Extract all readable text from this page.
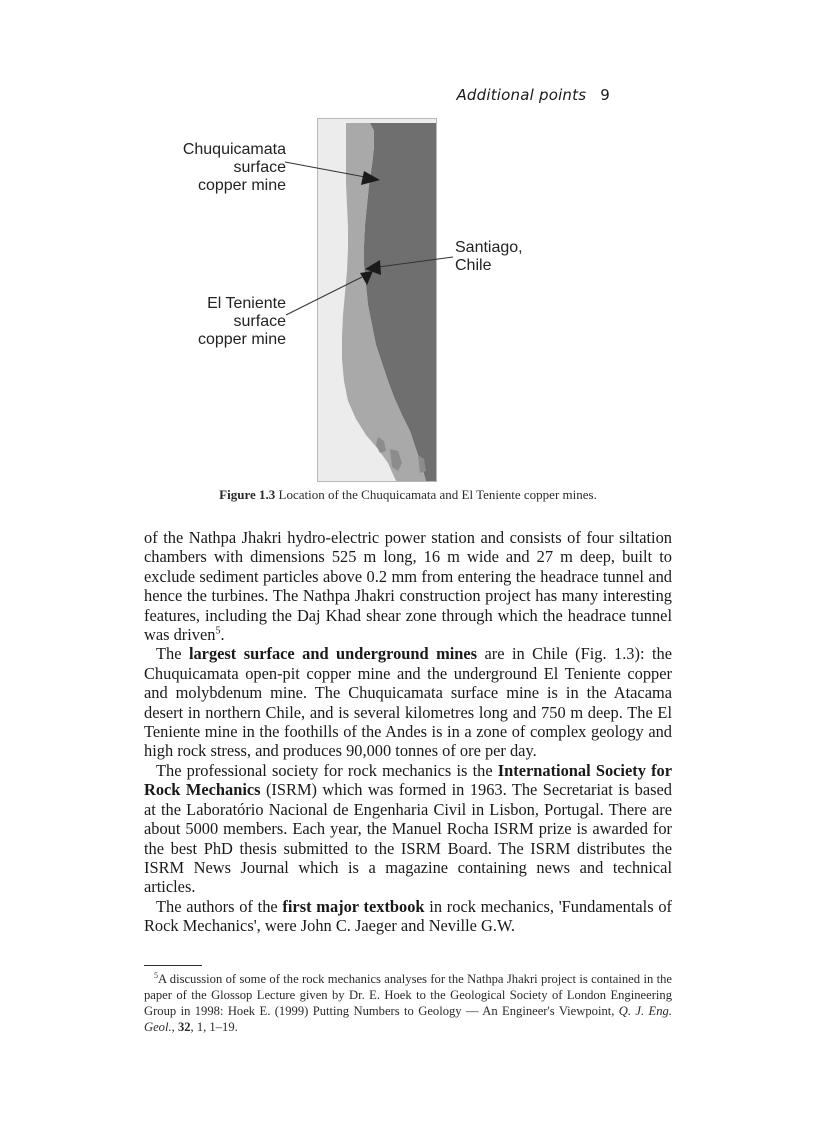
Additional points 9
Chuquicamata
surface
copper mine
Santiago,
Chile
El Teniente
surface
copper mine
Figure 1.3 Location of the Chuquicamata and El Teniente copper mines.

of the Nathpa Jhakri hydro-electric power station and consists of four siltation chambers with dimensions 525 m long, 16 m wide and 27 m deep, built to exclude sediment particles above 0.2 mm from entering the headrace tunnel and hence the turbines. The Nathpa Jhakri construction project has many interesting features, including the Daj Khad shear zone through which the headrace tunnel was driven$^5$.

The largest surface and underground mines are in Chile (Fig. 1.3): the Chuquicamata open-pit copper mine and the underground El Teniente copper and molybdenum mine. The Chuquicamata surface mine is in the Atacama desert in northern Chile, and is several kilometres long and 750 m deep. The El Teniente mine in the foothills of the Andes is in a zone of complex geology and high rock stress, and produces 90,000 tonnes of ore per day.

The professional society for rock mechanics is the International Society for Rock Mechanics (ISRM) which was formed in 1963. The Secretariat is based at the Laboratório Nacional de Engenharia Civil in Lisbon, Portugal. There are about 5000 members. Each year, the Manuel Rocha ISRM prize is awarded for the best PhD thesis submitted to the ISRM Board. The ISRM distributes the ISRM News Journal which is a magazine containing news and technical articles.

The authors of the first major textbook in rock mechanics, 'Fundamentals of Rock Mechanics', were John C. Jaeger and Neville G.W.

$^5$A discussion of some of the rock mechanics analyses for the Nathpa Jhakri project is contained in the paper of the Glossop Lecture given by Dr. E. Hoek to the Geological Society of London Engineering Group in 1998: Hoek E. (1999) Putting Numbers to Geology — An Engineer's Viewpoint, Q. J. Eng. Geol., 32, 1, 1–19.
